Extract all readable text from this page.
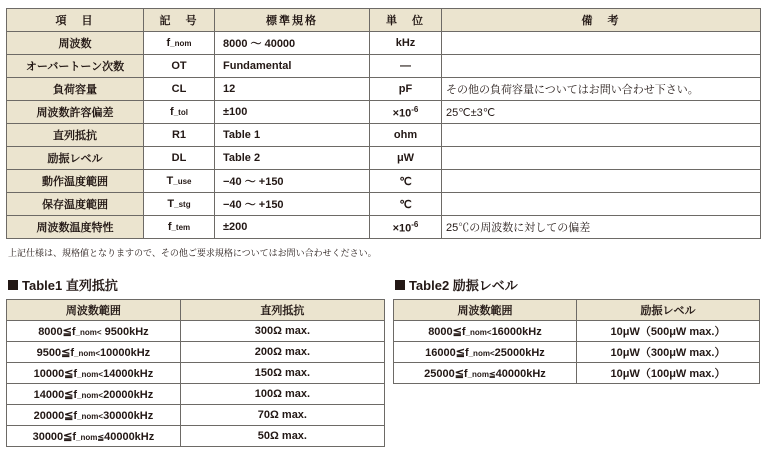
項　目	記　号	標準規格	単　位	備　考
周波数	f_nom	8000 ～ 40000	kHz	
オーバートーン次数	OT	Fundamental	—	
負荷容量	CL	12	pF	その他の負荷容量についてはお問い合わせ下さい。
周波数許容偏差	f_tol	±100	$\times 10^{-6}$	25℃±3℃
直列抵抗	R1	Table 1	ohm	
励振レベル	DL	Table 2	μW	
動作温度範囲	T_use	−40 ～ +150	℃	
保存温度範囲	T_stg	−40 ～ +150	℃	
周波数温度特性	f_tem	±200	$\times 10^{-6}$	25℃の周波数に対しての偏差
上記仕様は、規格値となりますので、その他ご要求規格についてはお問い合わせください。
Table1 直列抵抗
周波数範囲	直列抵抗
8000≦f_nom< 9500kHz	300Ω max.
9500≦f_nom<10000kHz	200Ω max.
10000≦f_nom<14000kHz	150Ω max.
14000≦f_nom<20000kHz	100Ω max.
20000≦f_nom<30000kHz	70Ω max.
30000≦f_nom≦40000kHz	50Ω max.
Table2 励振レベル
周波数範囲	励振レベル
8000≦f_nom<16000kHz	10μW（500μW max.）
16000≦f_nom<25000kHz	10μW（300μW max.）
25000≦f_nom≦40000kHz	10μW（100μW max.）
